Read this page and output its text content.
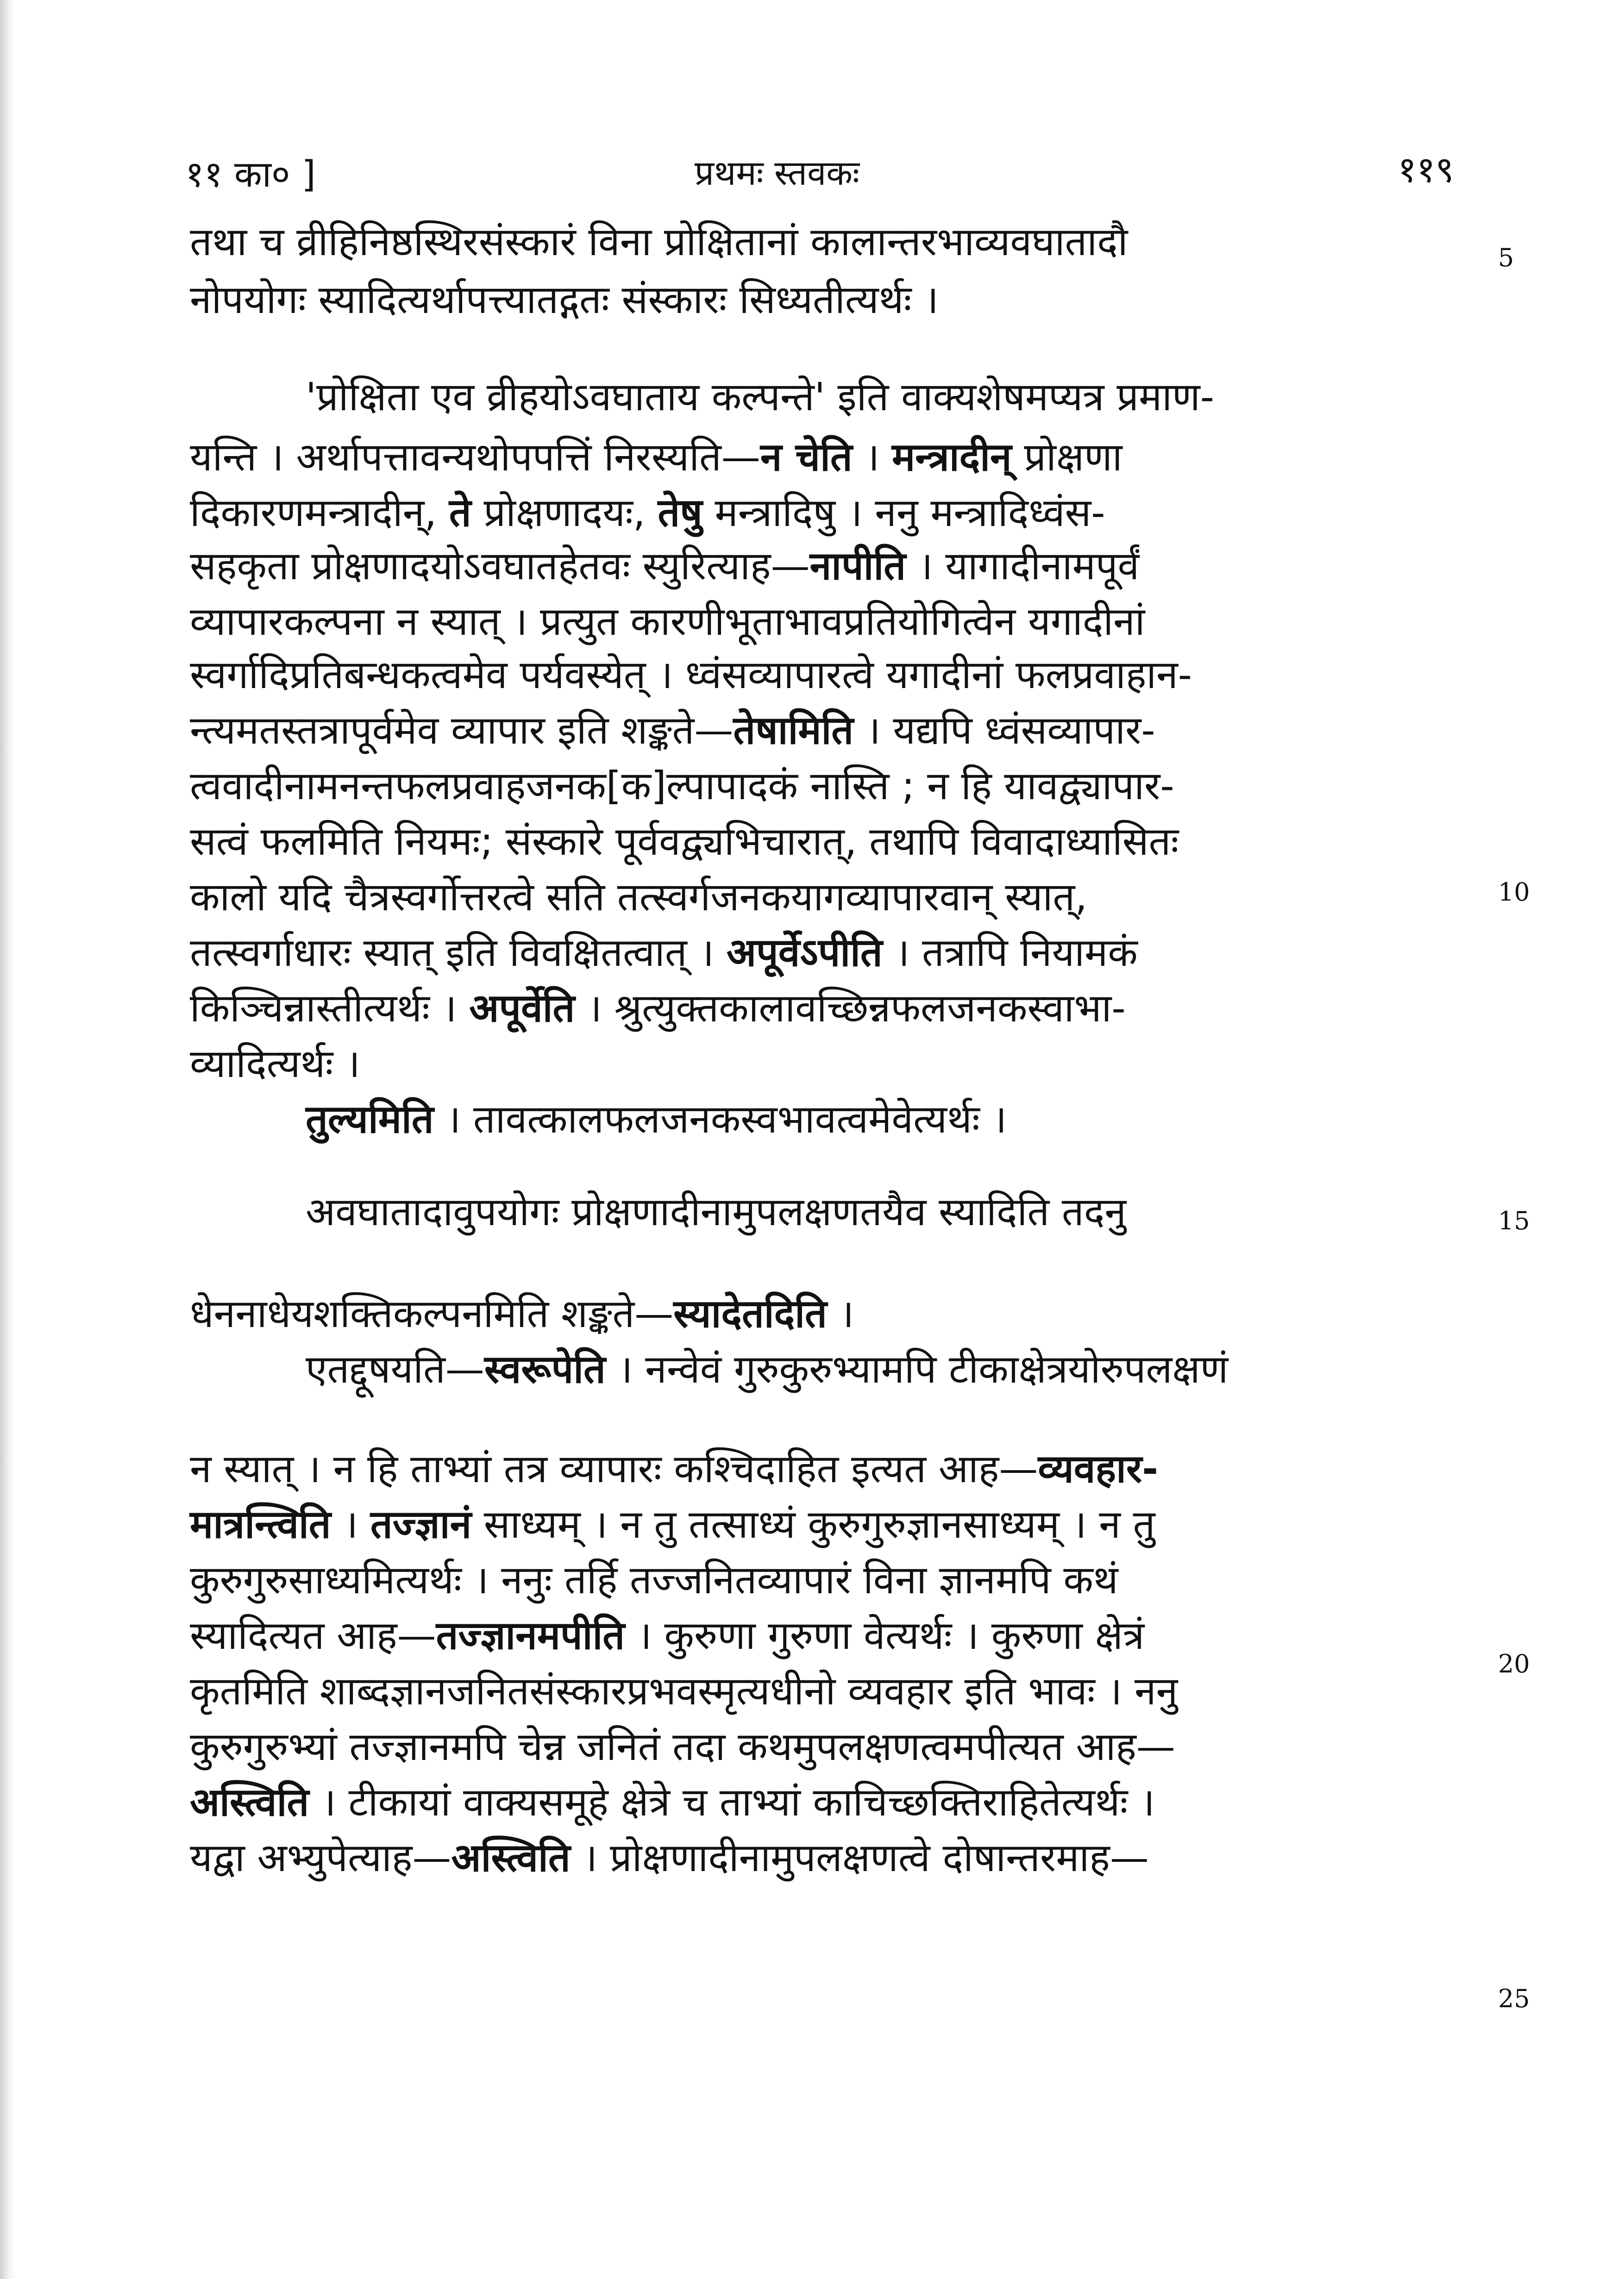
११ का० ]	प्रथमः स्तवकः	११९
तथा च व्रीहिनिष्ठस्थिरसंस्कारं विना प्रोक्षितानां कालान्तरभाव्यवघातादौ
नोपयोगः स्यादित्यर्थापत्त्यातद्गतः संस्कारः सिध्यतीत्यर्थः ।
'प्रोक्षिता एव व्रीहयोऽवघाताय कल्पन्ते' इति वाक्यशेषमप्यत्र प्रमाण-
यन्ति । अर्थापत्तावन्यथोपपत्तिं निरस्यति—न चेति । मन्त्रादीन् प्रोक्षणा
दिकारणमन्त्रादीन्, ते प्रोक्षणादयः, तेषु मन्त्रादिषु । ननु मन्त्रादिध्वंस-
सहकृता प्रोक्षणादयोऽवघातहेतवः स्युरित्याह—नापीति । यागादीनामपूर्वं
व्यापारकल्पना न स्यात् । प्रत्युत कारणीभूताभावप्रतियोगित्वेन यगादीनां
स्वर्गादिप्रतिबन्धकत्वमेव पर्यवस्येत् । ध्वंसव्यापारत्वे यगादीनां फलप्रवाहान-
न्त्यमतस्तत्रापूर्वमेव व्यापार इति शङ्कते—तेषामिति । यद्यपि ध्वंसव्यापार-
त्ववादीनामनन्तफलप्रवाहजनक[क]ल्पापादकं नास्ति ; न हि यावद्व्यापार-
सत्वं फलमिति नियमः; संस्कारे पूर्ववद्व्यभिचारात्, तथापि विवादाध्यासितः
कालो यदि चैत्रस्वर्गोत्तरत्वे सति तत्स्वर्गजनकयागव्यापारवान् स्यात्,
तत्स्वर्गाधारः स्यात् इति विवक्षितत्वात् । अपूर्वेऽपीति । तत्रापि नियामकं
किञ्चिन्नास्तीत्यर्थः । अपूर्वेति । श्रुत्युक्तकालावच्छिन्नफलजनकस्वाभा-
व्यादित्यर्थः ।
तुल्यमिति । तावत्कालफलजनकस्वभावत्वमेवेत्यर्थः ।
अवघातादावुपयोगः प्रोक्षणादीनामुपलक्षणतयैव स्यादिति तदनु
धेननाधेयशक्तिकल्पनमिति शङ्कते—स्यादेतदिति ।
एतद्दूषयति—स्वरूपेति । नन्वेवं गुरुकुरुभ्यामपि टीकाक्षेत्रयोरुपलक्षणं
न स्यात् । न हि ताभ्यां तत्र व्यापारः कश्चिदाहित इत्यत आह—व्यवहार-
मात्रन्त्विति । तज्ज्ञानं साध्यम् । न तु तत्साध्यं कुरुगुरुज्ञानसाध्यम् । न तु
कुरुगुरुसाध्यमित्यर्थः । ननुः तर्हि तज्जनितव्यापारं विना ज्ञानमपि कथं
स्यादित्यत आह—तज्ज्ञानमपीति । कुरुणा गुरुणा वेत्यर्थः । कुरुणा क्षेत्रं
कृतमिति शाब्दज्ञानजनितसंस्कारप्रभवस्मृत्यधीनो व्यवहार इति भावः । ननु
कुरुगुरुभ्यां तज्ज्ञानमपि चेन्न जनितं तदा कथमुपलक्षणत्वमपीत्यत आह—
अस्त्विति । टीकायां वाक्यसमूहे क्षेत्रे च ताभ्यां काचिच्छक्तिराहितेत्यर्थः ।
यद्वा अभ्युपेत्याह—अस्त्विति । प्रोक्षणादीनामुपलक्षणत्वे दोषान्तरमाह—
5
10
15
20
25
